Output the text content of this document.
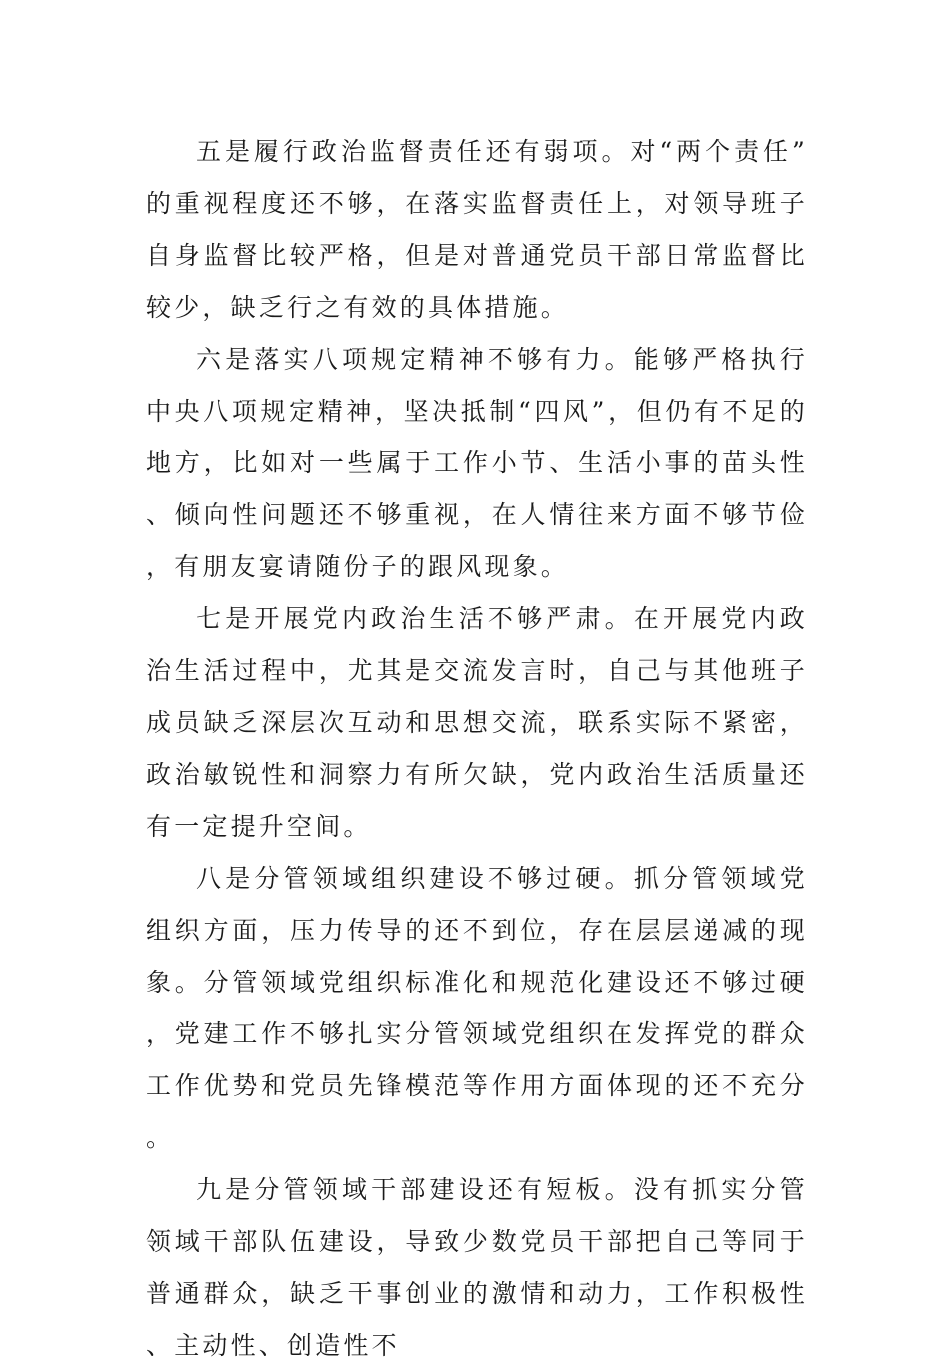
五是履行政治监督责任还有弱项。对“两个责任”的重视程度还不够，在落实监督责任上，对领导班子自身监督比较严格，但是对普通党员干部日常监督比较少，缺乏行之有效的具体措施。

六是落实八项规定精神不够有力。能够严格执行中央八项规定精神，坚决抵制“四风”，但仍有不足的地方，比如对一些属于工作小节、生活小事的苗头性、倾向性问题还不够重视，在人情往来方面不够节俭，有朋友宴请随份子的跟风现象。

七是开展党内政治生活不够严肃。在开展党内政治生活过程中，尤其是交流发言时，自己与其他班子成员缺乏深层次互动和思想交流，联系实际不紧密，政治敏锐性和洞察力有所欠缺，党内政治生活质量还有一定提升空间。

八是分管领域组织建设不够过硬。抓分管领域党组织方面，压力传导的还不到位，存在层层递减的现象。分管领域党组织标准化和规范化建设还不够过硬，党建工作不够扎实分管领域党组织在发挥党的群众工作优势和党员先锋模范等作用方面体现的还不充分。

九是分管领域干部建设还有短板。没有抓实分管领域干部队伍建设，导致少数党员干部把自己等同于普通群众，缺乏干事创业的激情和动力，工作积极性、主动性、创造性不
